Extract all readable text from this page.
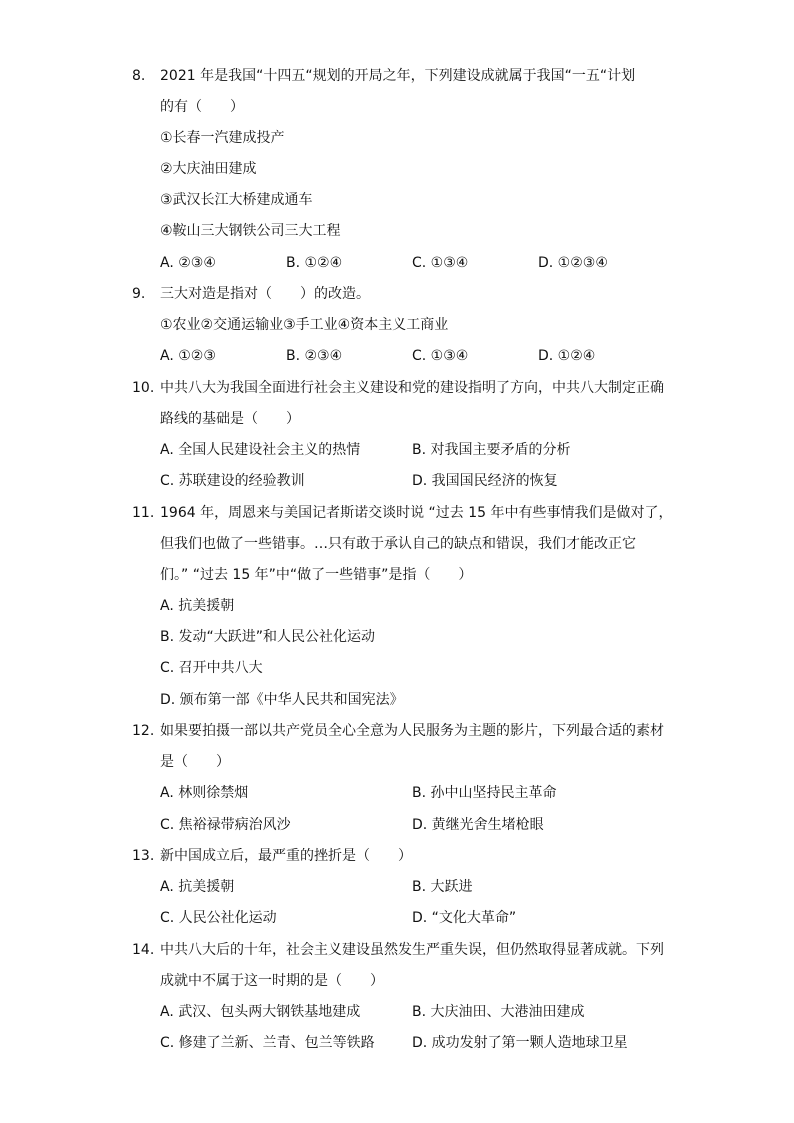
8.	2021 年是我国“十四五“规划的开局之年，下列建设成就属于我国“一五“计划
的有（　　）
①长春一汽建成投产
②大庆油田建成
③武汉长江大桥建成通车
④鞍山三大钢铁公司三大工程
A. ②③④	B. ①②④	C. ①③④	D. ①②③④
9.	三大对造是指对（　　）的改造。
①农业②交通运输业③手工业④资本主义工商业
A. ①②③	B. ②③④	C. ①③④	D. ①②④
10. 中共八大为我国全面进行社会主义建设和党的建设指明了方向，中共八大制定正确
路线的基础是（　　）
A. 全国人民建设社会主义的热情	B. 对我国主要矛盾的分析
C. 苏联建设的经验教训	D. 我国国民经济的恢复
11. 1964 年，周恩来与美国记者斯诺交谈时说 “过去 15 年中有些事情我们是做对了，
但我们也做了一些错事。…只有敢于承认自己的缺点和错误，我们才能改正它
们。” “过去 15 年”中“做了一些错事”是指（　　）
A. 抗美援朝
B. 发动“大跃进”和人民公社化运动
C. 召开中共八大
D. 颁布第一部《中华人民共和国宪法》
12. 如果要拍摄一部以共产党员全心全意为人民服务为主题的影片，下列最合适的素材
是（　　）
A. 林则徐禁烟	B. 孙中山坚持民主革命
C. 焦裕禄带病治风沙	D. 黄继光舍生堵枪眼
13. 新中国成立后，最严重的挫折是（　　）
A. 抗美援朝	B. 大跃进
C. 人民公社化运动	D. “文化大革命”
14. 中共八大后的十年，社会主义建设虽然发生严重失误，但仍然取得显著成就。下列
成就中不属于这一时期的是（　　）
A. 武汉、包头两大钢铁基地建成	B. 大庆油田、大港油田建成
C. 修建了兰新、兰青、包兰等铁路	D. 成功发射了第一颗人造地球卫星
